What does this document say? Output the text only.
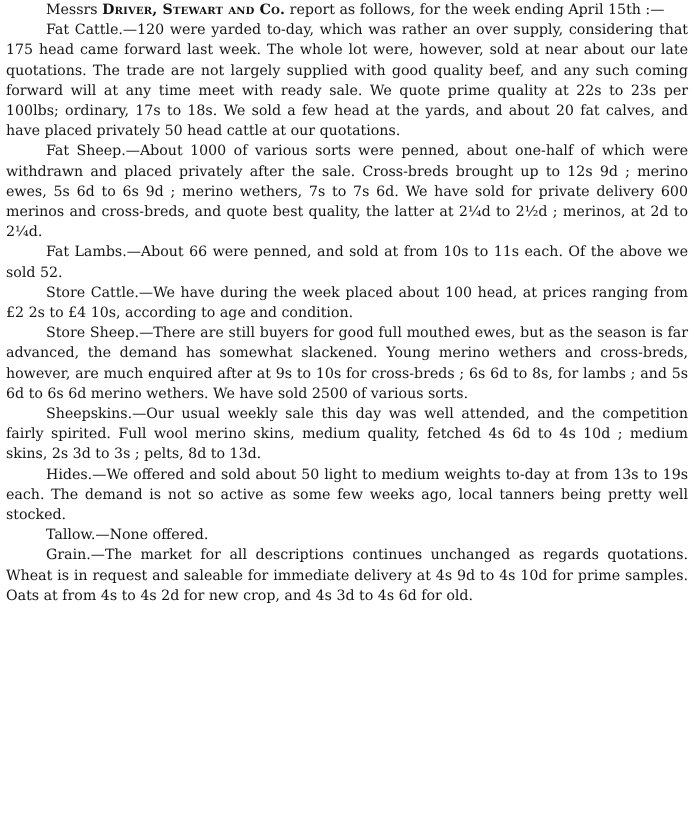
Messrs Driver, Stewart and Co. report as follows, for the week ending April 15th :—

Fat Cattle.—120 were yarded to-day, which was rather an over supply, considering that 175 head came forward last week. The whole lot were, however, sold at near about our late quotations. The trade are not largely supplied with good quality beef, and any such coming forward will at any time meet with ready sale. We quote prime quality at 22s to 23s per 100lbs; ordinary, 17s to 18s. We sold a few head at the yards, and about 20 fat calves, and have placed privately 50 head cattle at our quotations.

Fat Sheep.—About 1000 of various sorts were penned, about one-half of which were withdrawn and placed privately after the sale. Cross-breds brought up to 12s 9d ; merino ewes, 5s 6d to 6s 9d ; merino wethers, 7s to 7s 6d. We have sold for private delivery 600 merinos and cross-breds, and quote best quality, the latter at 2¼d to 2½d ; merinos, at 2d to 2¼d.

Fat Lambs.—About 66 were penned, and sold at from 10s to 11s each. Of the above we sold 52.

Store Cattle.—We have during the week placed about 100 head, at prices ranging from £2 2s to £4 10s, according to age and condition.

Store Sheep.—There are still buyers for good full mouthed ewes, but as the season is far advanced, the demand has somewhat slackened. Young merino wethers and cross-breds, however, are much enquired after at 9s to 10s for cross-breds ; 6s 6d to 8s, for lambs ; and 5s 6d to 6s 6d merino wethers. We have sold 2500 of various sorts.

Sheepskins.—Our usual weekly sale this day was well attended, and the competition fairly spirited. Full wool merino skins, medium quality, fetched 4s 6d to 4s 10d ; medium skins, 2s 3d to 3s ; pelts, 8d to 13d.

Hides.—We offered and sold about 50 light to medium weights to-day at from 13s to 19s each. The demand is not so active as some few weeks ago, local tanners being pretty well stocked.

Tallow.—None offered.

Grain.—The market for all descriptions continues unchanged as regards quotations. Wheat is in request and saleable for immediate delivery at 4s 9d to 4s 10d for prime samples. Oats at from 4s to 4s 2d for new crop, and 4s 3d to 4s 6d for old.
